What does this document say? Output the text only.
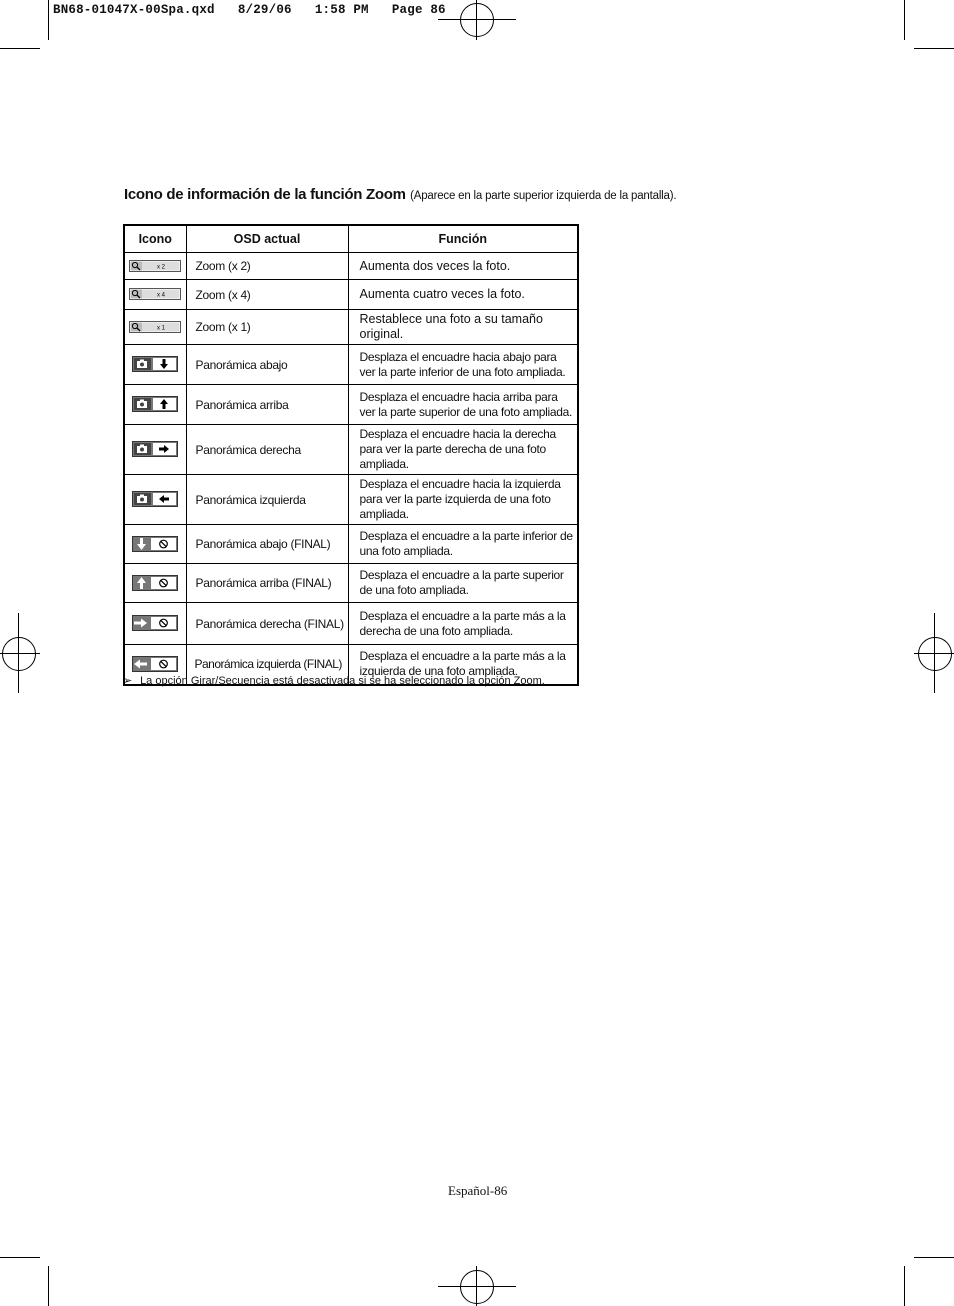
BN68-01047X-00Spa.qxd   8/29/06   1:58 PM   Page 86
Icono de información de la función Zoom (Aparece en la parte superior izquierda de la pantalla).
Icono	OSD actual	Función

x 2	Zoom (x 2)	Aumenta dos veces la foto.

x 4	Zoom (x 4)	Aumenta cuatro veces la foto.

x 1	Zoom (x 1)	Restablece una foto a su tamaño original.
	Panorámica abajo	Desplaza el encuadre hacia abajo para ver la parte inferior de una foto ampliada.
	Panorámica arriba	Desplaza el encuadre hacia arriba para ver la parte superior de una foto ampliada.
	Panorámica derecha	Desplaza el encuadre hacia la derecha para ver la parte derecha de una foto ampliada.
	Panorámica izquierda	Desplaza el encuadre hacia la izquierda para ver la parte izquierda de una foto ampliada.
	Panorámica abajo (FINAL)	Desplaza el encuadre a la parte inferior de una foto ampliada.
	Panorámica arriba (FINAL)	Desplaza el encuadre a la parte superior de una foto ampliada.
	Panorámica derecha (FINAL)	Desplaza el encuadre a la parte más a la derecha de una foto ampliada.
	Panorámica izquierda (FINAL)	Desplaza el encuadre a la parte más a la izquierda de una foto ampliada.
➢ La opción Girar/Secuencia está desactivada si se ha seleccionado la opción Zoom.
Español-86
